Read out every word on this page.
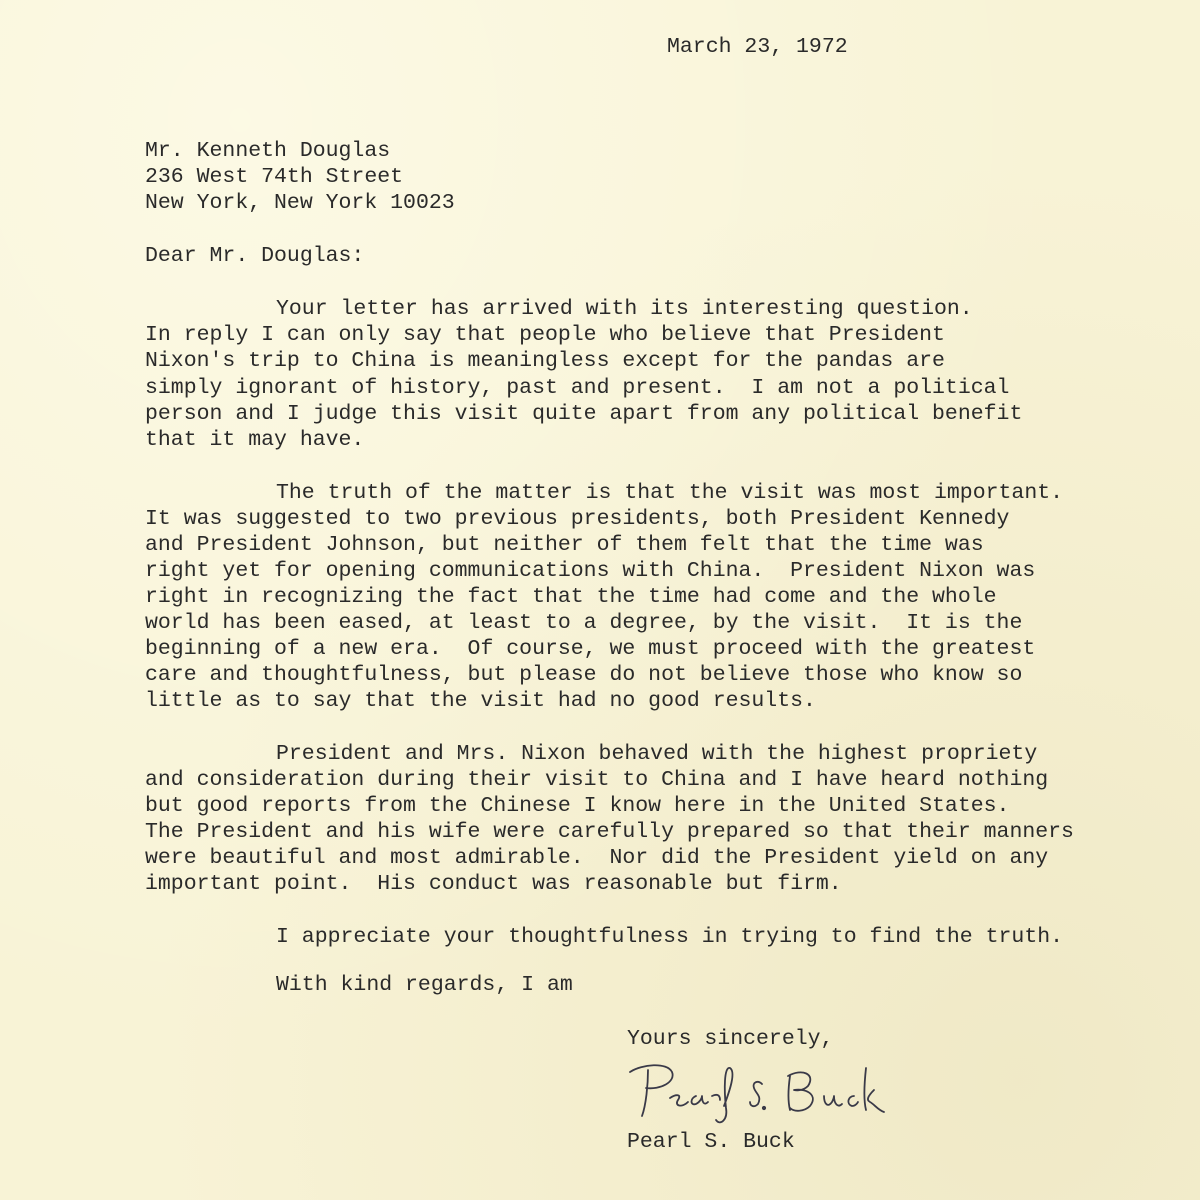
March 23, 1972
Mr. Kenneth Douglas
236 West 74th Street
New York, New York 10023
Dear Mr. Douglas:
Your letter has arrived with its interesting question.
In reply I can only say that people who believe that President
Nixon's trip to China is meaningless except for the pandas are
simply ignorant of history, past and present.  I am not a political
person and I judge this visit quite apart from any political benefit
that it may have.
The truth of the matter is that the visit was most important.
It was suggested to two previous presidents, both President Kennedy
and President Johnson, but neither of them felt that the time was
right yet for opening communications with China.  President Nixon was
right in recognizing the fact that the time had come and the whole
world has been eased, at least to a degree, by the visit.  It is the
beginning of a new era.  Of course, we must proceed with the greatest
care and thoughtfulness, but please do not believe those who know so
little as to say that the visit had no good results.
President and Mrs. Nixon behaved with the highest propriety
and consideration during their visit to China and I have heard nothing
but good reports from the Chinese I know here in the United States.
The President and his wife were carefully prepared so that their manners
were beautiful and most admirable.  Nor did the President yield on any
important point.  His conduct was reasonable but firm.
I appreciate your thoughtfulness in trying to find the truth.
With kind regards, I am
Yours sincerely,
Pearl S. Buck
